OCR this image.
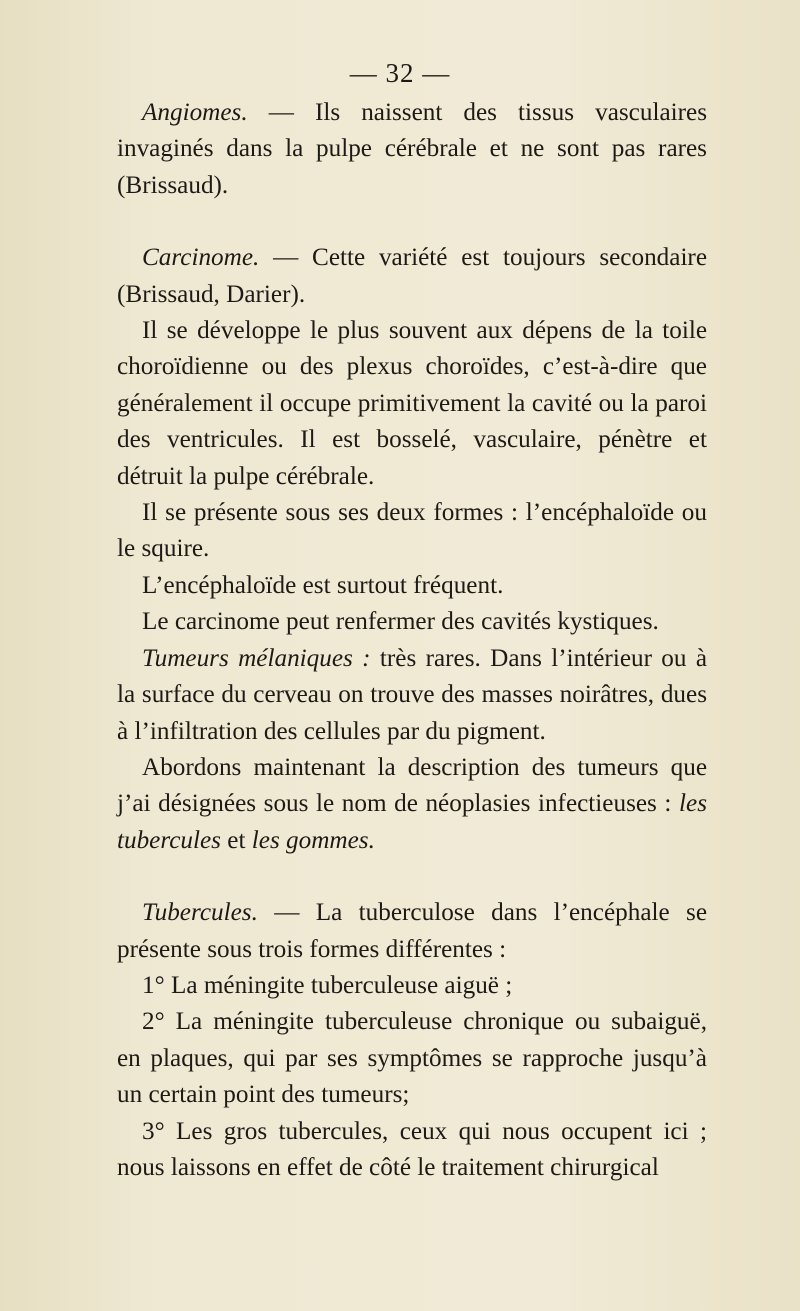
— 32 —

Angiomes. — Ils naissent des tissus vasculaires invaginés dans la pulpe cérébrale et ne sont pas rares (Brissaud).

Carcinome. — Cette variété est toujours secondaire (Brissaud, Darier).

Il se développe le plus souvent aux dépens de la toile choroïdienne ou des plexus choroïdes, c’est-à-dire que généralement il occupe primitivement la cavité ou la paroi des ventricules. Il est bosselé, vasculaire, pénètre et détruit la pulpe cérébrale.

Il se présente sous ses deux formes : l’encéphaloïde ou le squire.

L’encéphaloïde est surtout fréquent.

Le carcinome peut renfermer des cavités kystiques.

Tumeurs mélaniques : très rares. Dans l’intérieur ou à la surface du cerveau on trouve des masses noirâtres, dues à l’infiltration des cellules par du pigment.

Abordons maintenant la description des tumeurs que j’ai désignées sous le nom de néoplasies infectieuses : les tubercules et les gommes.

Tubercules. — La tuberculose dans l’encéphale se présente sous trois formes différentes :

1° La méningite tuberculeuse aiguë ;

2° La méningite tuberculeuse chronique ou subaiguë, en plaques, qui par ses symptômes se rapproche jusqu’à un certain point des tumeurs;

3° Les gros tubercules, ceux qui nous occupent ici ; nous laissons en effet de côté le traitement chirurgical
